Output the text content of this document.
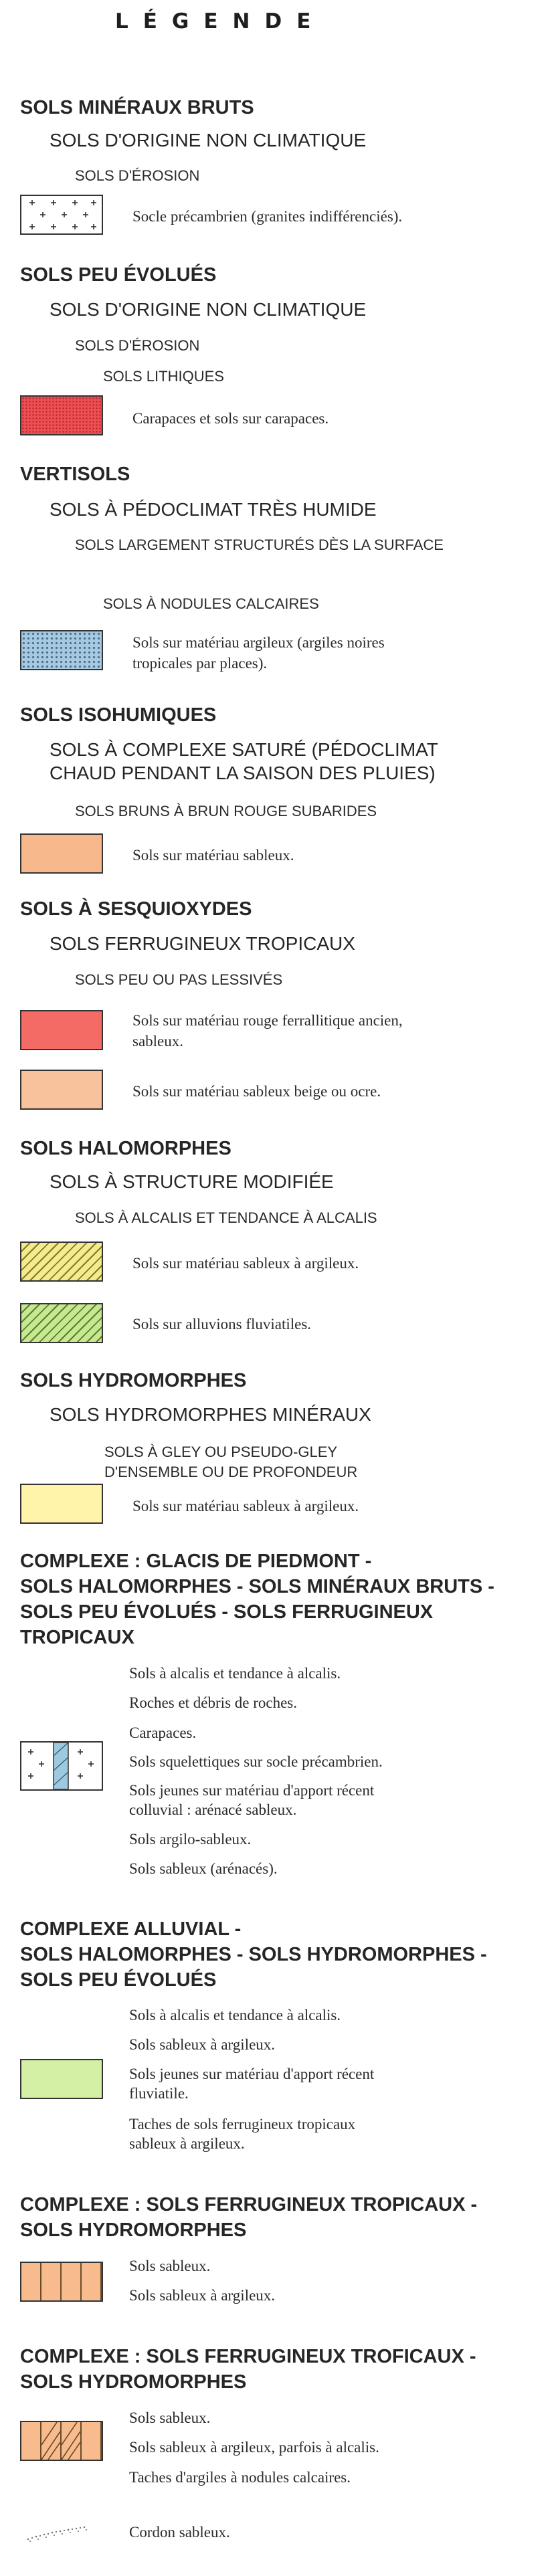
LÉGENDE
SOLS MINÉRAUX BRUTS
SOLS D'ORIGINE NON CLIMATIQUE
SOLS D'ÉROSION
Socle précambrien (granites indifférenciés).
SOLS PEU ÉVOLUÉS
SOLS D'ORIGINE NON CLIMATIQUE
SOLS D'ÉROSION
SOLS LITHIQUES
Carapaces et sols sur carapaces.
VERTISOLS
SOLS À PÉDOCLIMAT TRÈS HUMIDE
SOLS LARGEMENT STRUCTURÉS DÈS LA SURFACE
SOLS À NODULES CALCAIRES
Sols sur matériau argileux (argiles noires
tropicales par places).
SOLS ISOHUMIQUES
SOLS À COMPLEXE SATURÉ (PÉDOCLIMAT
CHAUD PENDANT LA SAISON DES PLUIES)
SOLS BRUNS À BRUN ROUGE SUBARIDES
Sols sur matériau sableux.
SOLS À SESQUIOXYDES
SOLS FERRUGINEUX TROPICAUX
SOLS PEU OU PAS LESSIVÉS
Sols sur matériau rouge ferrallitique ancien,
sableux.
Sols sur matériau sableux beige ou ocre.
SOLS HALOMORPHES
SOLS À STRUCTURE MODIFIÉE
SOLS À ALCALIS ET TENDANCE À ALCALIS
Sols sur matériau sableux à argileux.
Sols sur alluvions fluviatiles.
SOLS HYDROMORPHES
SOLS HYDROMORPHES MINÉRAUX
SOLS À GLEY OU PSEUDO-GLEY
D'ENSEMBLE OU DE PROFONDEUR
Sols sur matériau sableux à argileux.
COMPLEXE : GLACIS DE PIEDMONT -
SOLS HALOMORPHES - SOLS MINÉRAUX BRUTS -
SOLS PEU ÉVOLUÉS - SOLS FERRUGINEUX
TROPICAUX
Sols à alcalis et tendance à alcalis.
Roches et débris de roches.
Carapaces.
Sols squelettiques sur socle précambrien.
Sols jeunes sur matériau d'apport récent
colluvial : arénacé sableux.
Sols argilo-sableux.
Sols sableux (arénacés).
COMPLEXE ALLUVIAL -
SOLS HALOMORPHES - SOLS HYDROMORPHES -
SOLS PEU ÉVOLUÉS
Sols à alcalis et tendance à alcalis.
Sols sableux à argileux.
Sols jeunes sur matériau d'apport récent
fluviatile.
Taches de sols ferrugineux tropicaux
sableux à argileux.
COMPLEXE : SOLS FERRUGINEUX TROPICAUX -
SOLS HYDROMORPHES
Sols sableux.
Sols sableux à argileux.
COMPLEXE : SOLS FERRUGINEUX TROFICAUX -
SOLS HYDROMORPHES
Sols sableux.
Sols sableux à argileux, parfois à alcalis.
Taches d'argiles à nodules calcaires.
Cordon sableux.
